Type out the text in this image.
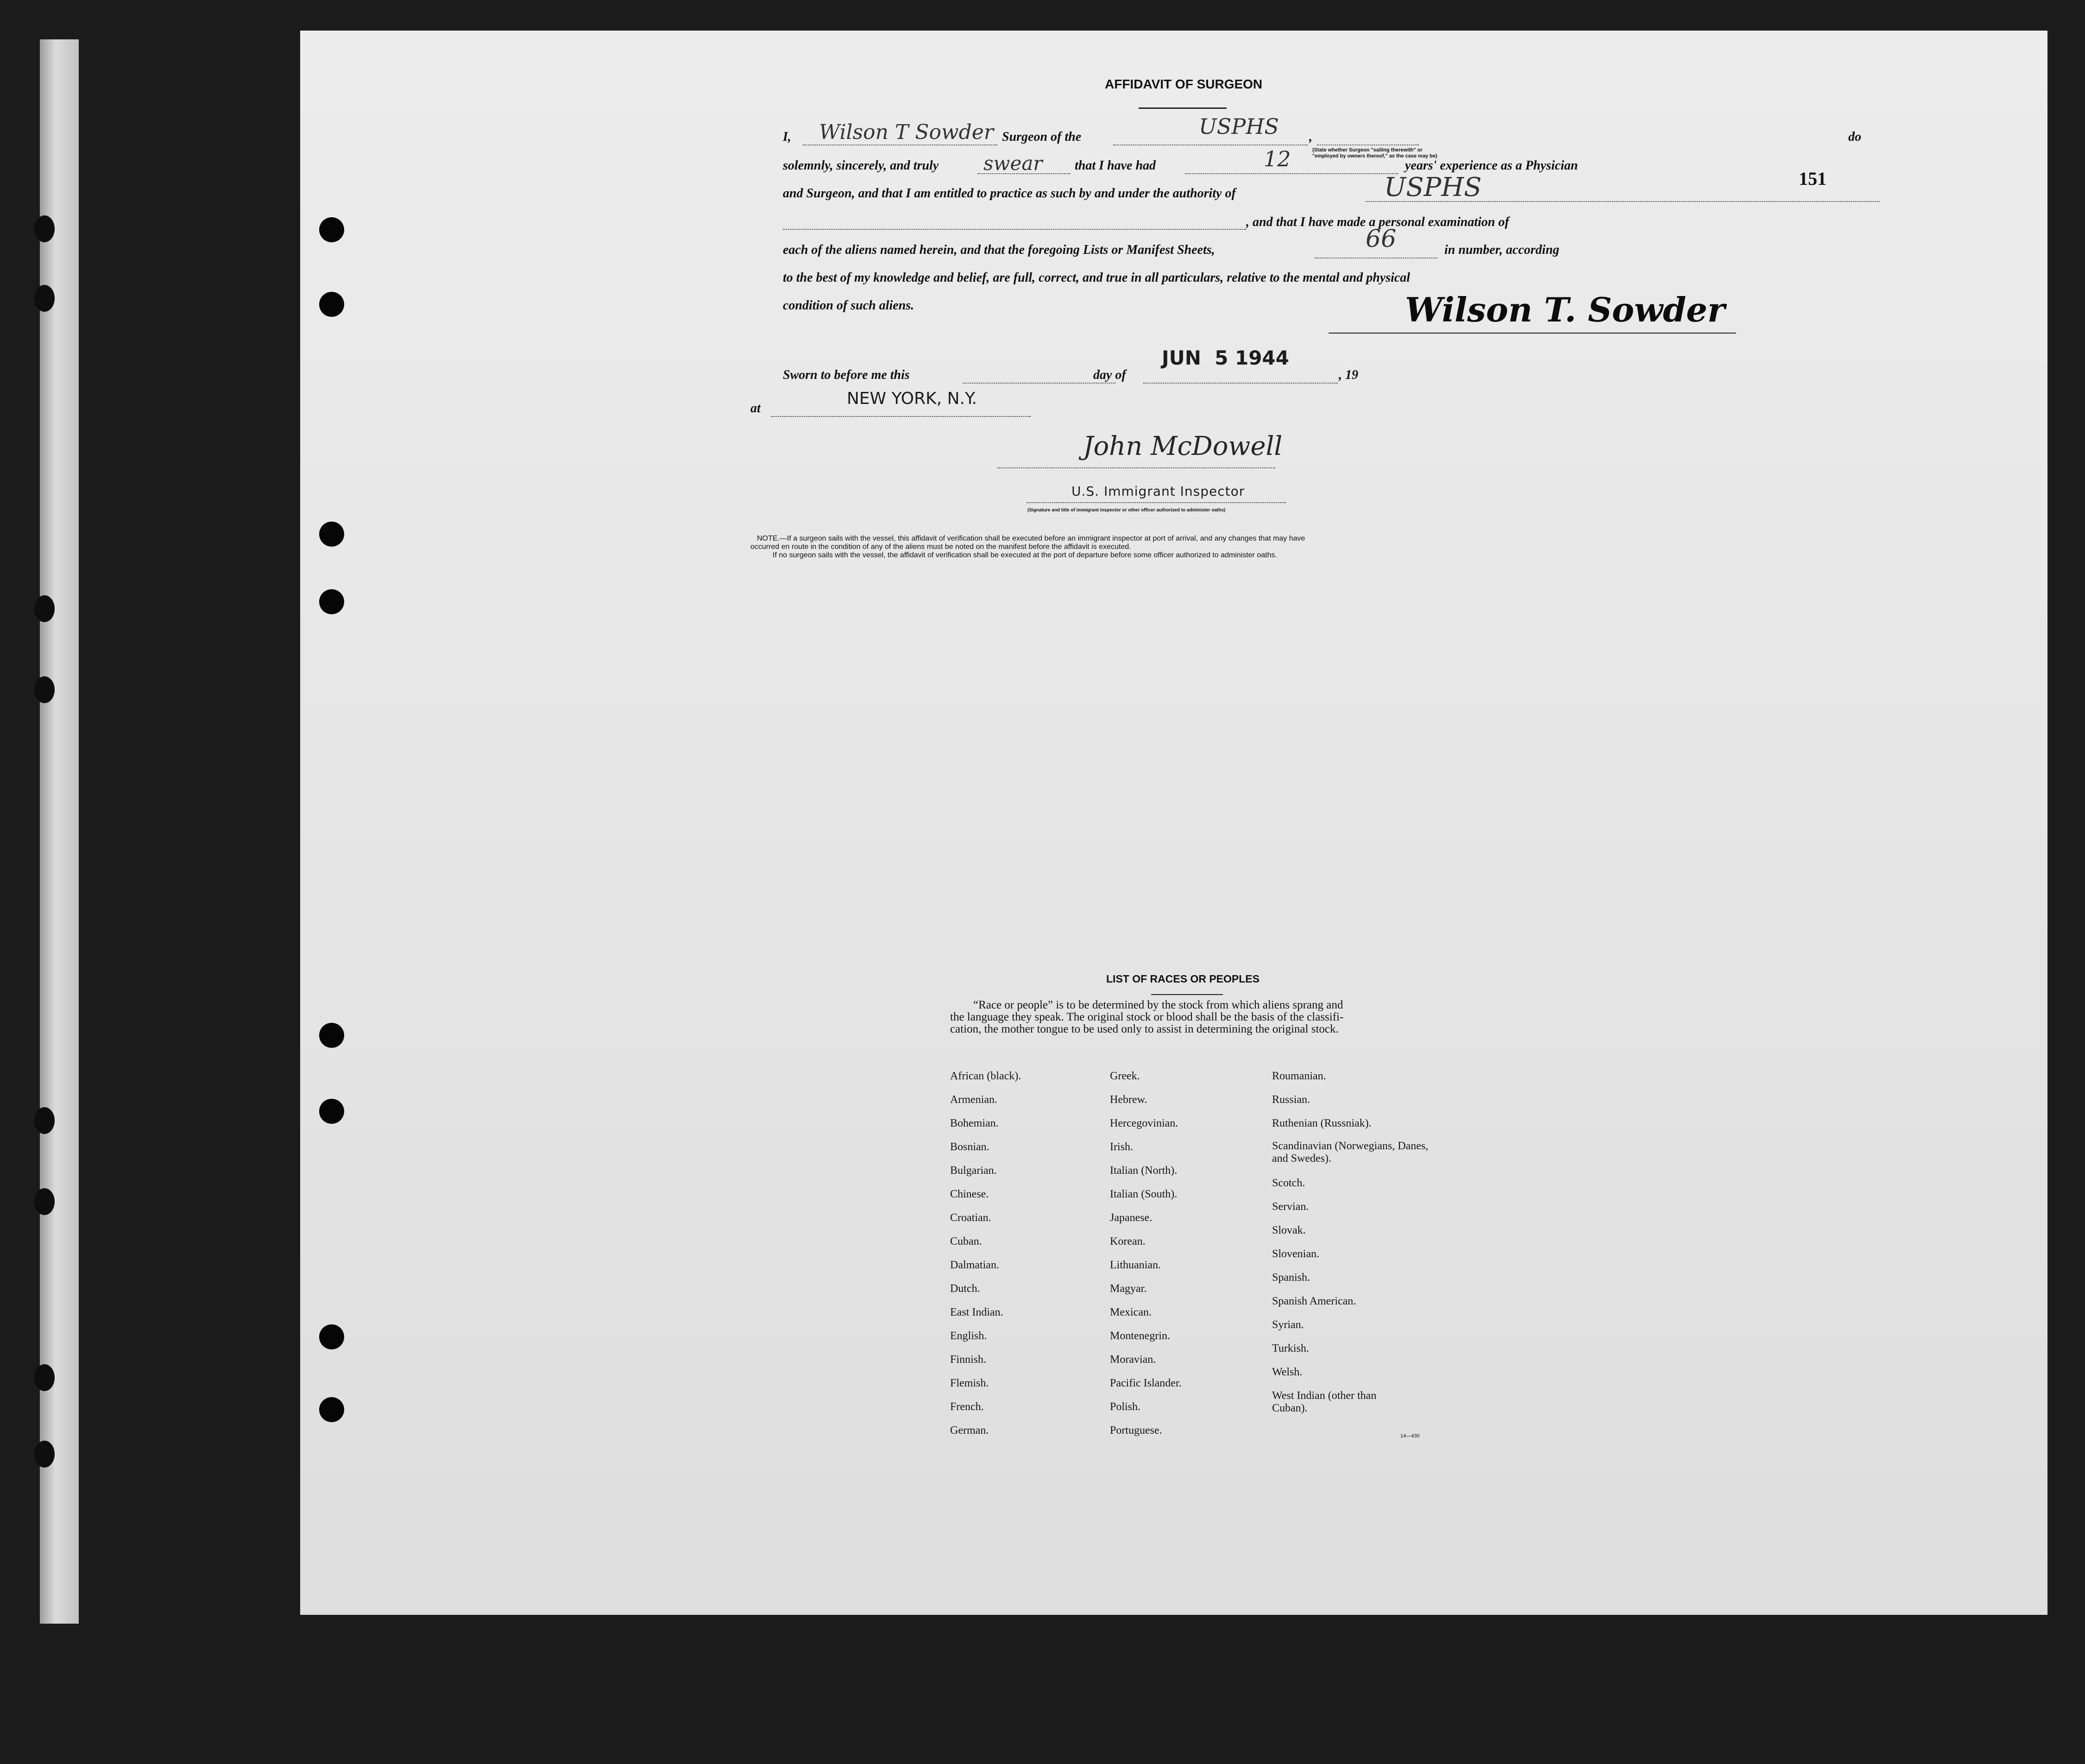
151
AFFIDAVIT OF SURGEON
I, Wilson T Sowder Surgeon of the	USPHS ,
(State whether Surgeon "sailing therewith" or "employed by owners thereof," as the case may be)
do
solemnly, sincerely, and truly swear that I have had	12	years' experience as a Physician
and Surgeon, and that I am entitled to practice as such by and under the authority of	USPHS
, and that I have made a personal examination of
each of the aliens named herein, and that the foregoing Lists or Manifest Sheets,	66	in number, according
to the best of my knowledge and belief, are full, correct, and true in all particulars, relative to the mental and physical
condition of such aliens.	Wilson T. Sowder
Sworn to before me this	day of
JUN  5 1944
, 19
at
NEW YORK, N.Y.
John McDowell
U.S. Immigrant Inspector
(Signature and title of immigrant inspector or other officer authorized to administer oaths)
NOTE.—If a surgeon sails with the vessel, this affidavit of verification shall be executed before an immigrant inspector at port of arrival, and any changes that may have
occurred en route in the condition of any of the aliens must be noted on the manifest before the affidavit is executed.
If no surgeon sails with the vessel, the affidavit of verification shall be executed at the port of departure before some officer authorized to administer oaths.
LIST OF RACES OR PEOPLES
“Race or people” is to be determined by the stock from which aliens sprang and
the language they speak. The original stock or blood shall be the basis of the classifi-
cation, the mother tongue to be used only to assist in determining the original stock.
African (black).
Armenian.
Bohemian.
Bosnian.
Bulgarian.
Chinese.
Croatian.
Cuban.
Dalmatian.
Dutch.
East Indian.
English.
Finnish.
Flemish.
French.
German.
Greek.
Hebrew.
Hercegovinian.
Irish.
Italian (North).
Italian (South).
Japanese.
Korean.
Lithuanian.
Magyar.
Mexican.
Montenegrin.
Moravian.
Pacific Islander.
Polish.
Portuguese.
Roumanian.
Russian.
Ruthenian (Russniak).
Scandinavian (Norwegians, Danes, and Swedes).
Scotch.
Servian.
Slovak.
Slovenian.
Spanish.
Spanish American.
Syrian.
Turkish.
Welsh.
West Indian (other than Cuban).
14—430
